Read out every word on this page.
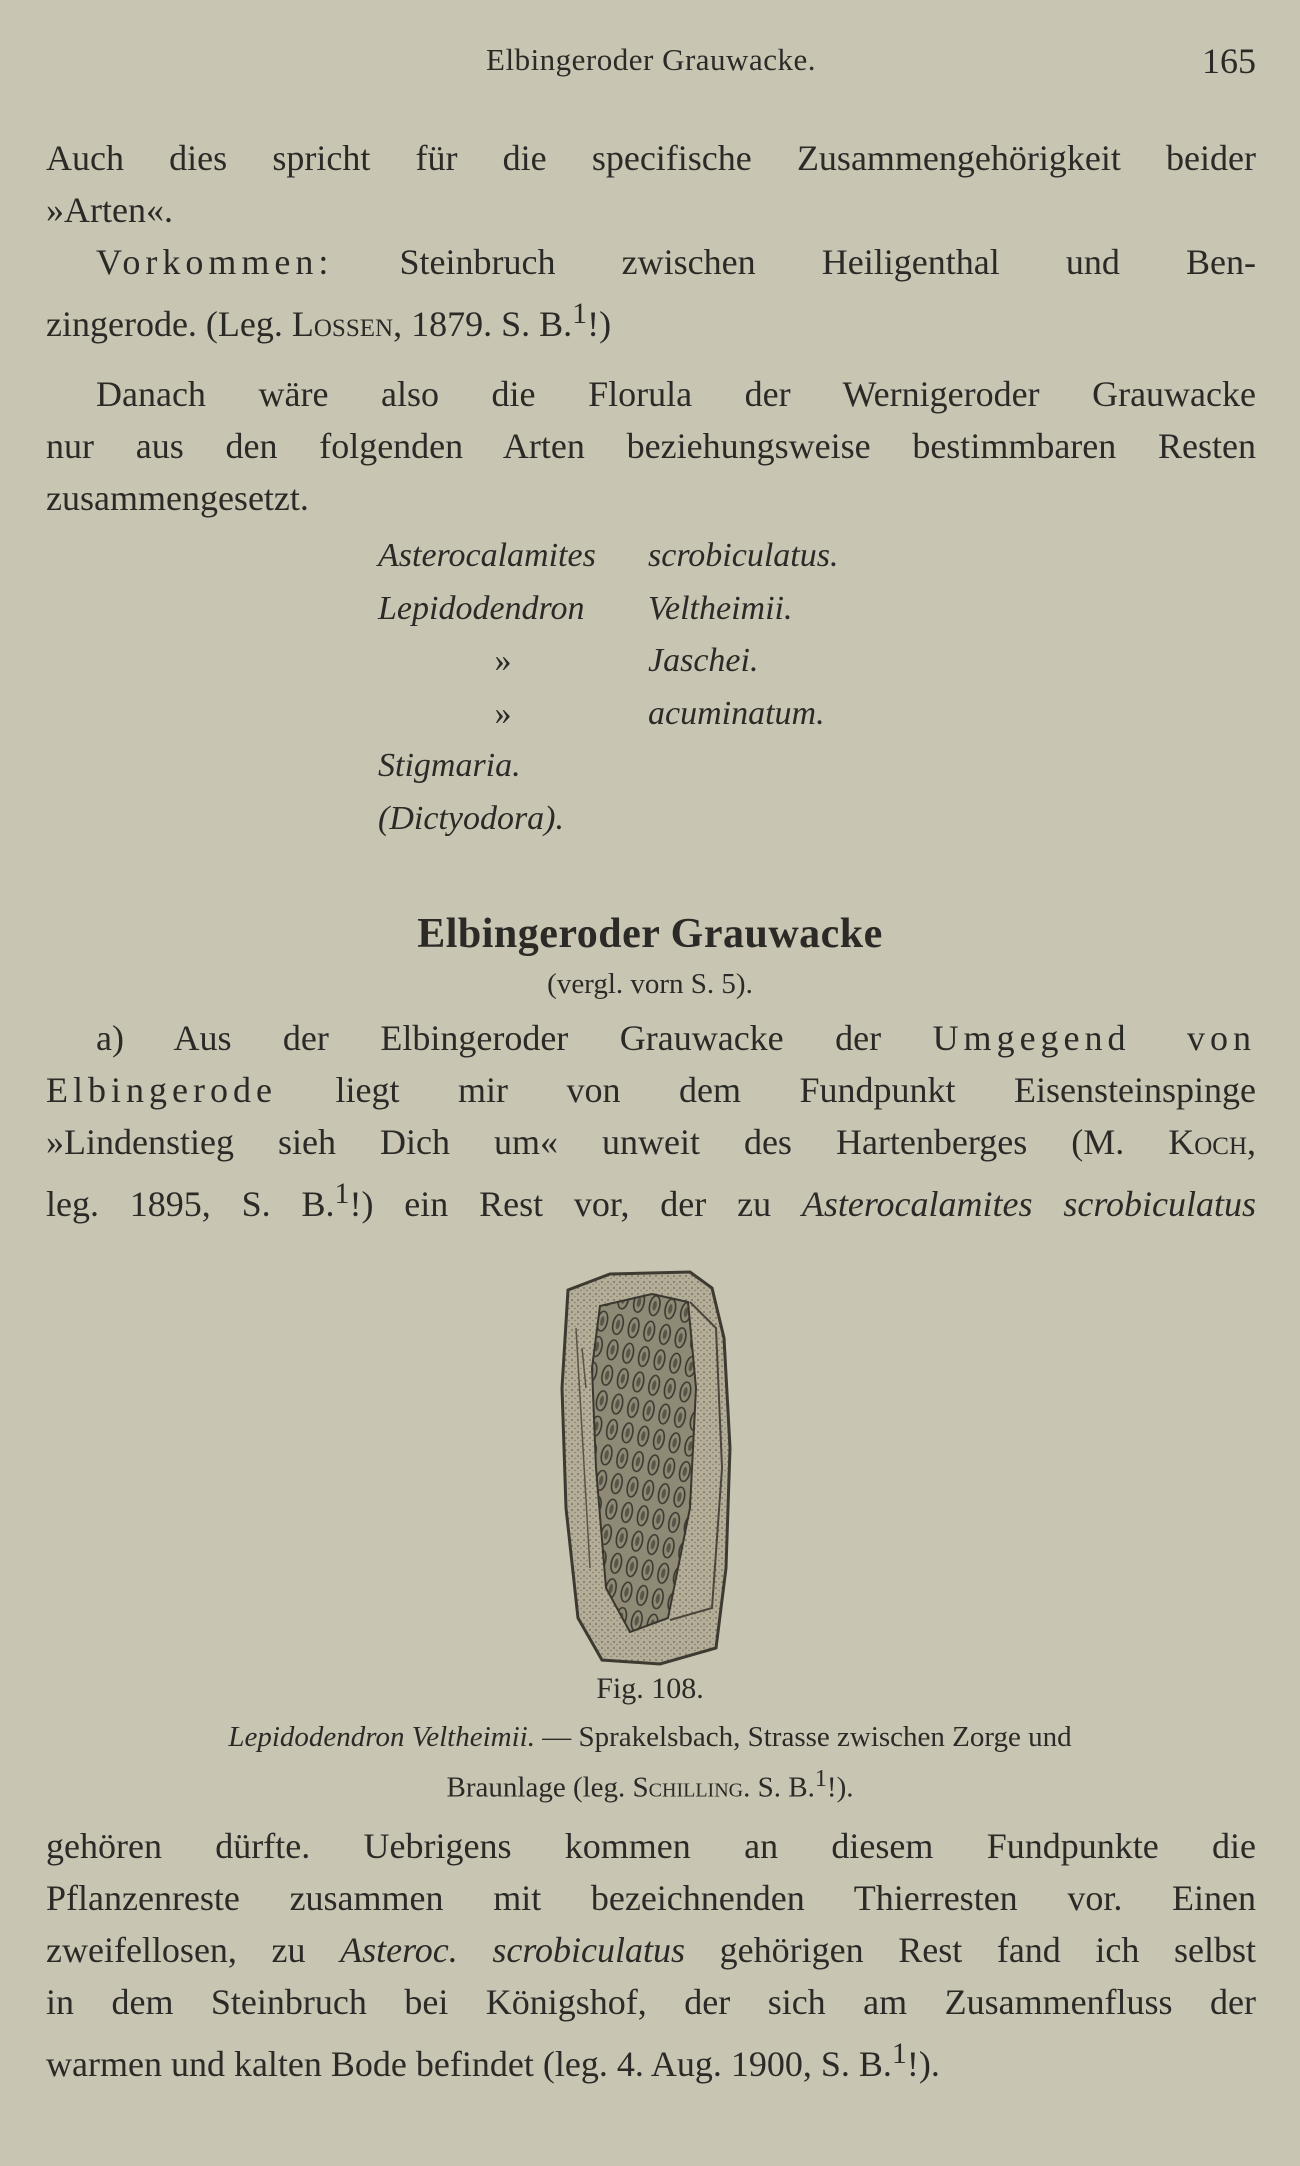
Elbingeroder Grauwacke.	165
Auch dies spricht für die specifische Zusammengehörigkeit beider
»Arten«.
Vorkommen: Steinbruch zwischen Heiligenthal und Ben-
zingerode. (Leg. Lossen, 1879. S. B.$^1$!)
Danach wäre also die Florula der Wernigeroder Grauwacke
nur aus den folgenden Arten beziehungsweise bestimmbaren Resten
zusammengesetzt.
Asterocalamites scrobiculatus.
Lepidodendron Veltheimii.
»	Jaschei.
»	acuminatum.
Stigmaria.
(Dictyodora).
Elbingeroder Grauwacke
(vergl. vorn S. 5).
a) Aus der Elbingeroder Grauwacke der Umgegend von
Elbingerode liegt mir von dem Fundpunkt Eisensteinspinge
»Lindenstieg sieh Dich um« unweit des Hartenberges (M. Koch,
leg. 1895, S. B.$^1$!) ein Rest vor, der zu Asterocalamites scrobiculatus
Fig. 108.
Lepidodendron Veltheimii. — Sprakelsbach, Strasse zwischen Zorge und
Braunlage (leg. Schilling. S. B.$^1$!).
gehören dürfte. Uebrigens kommen an diesem Fundpunkte die
Pflanzenreste zusammen mit bezeichnenden Thierresten vor. Einen
zweifellosen, zu Asteroc. scrobiculatus gehörigen Rest fand ich selbst
in dem Steinbruch bei Königshof, der sich am Zusammenfluss der
warmen und kalten Bode befindet (leg. 4. Aug. 1900, S. B.$^1$!).
